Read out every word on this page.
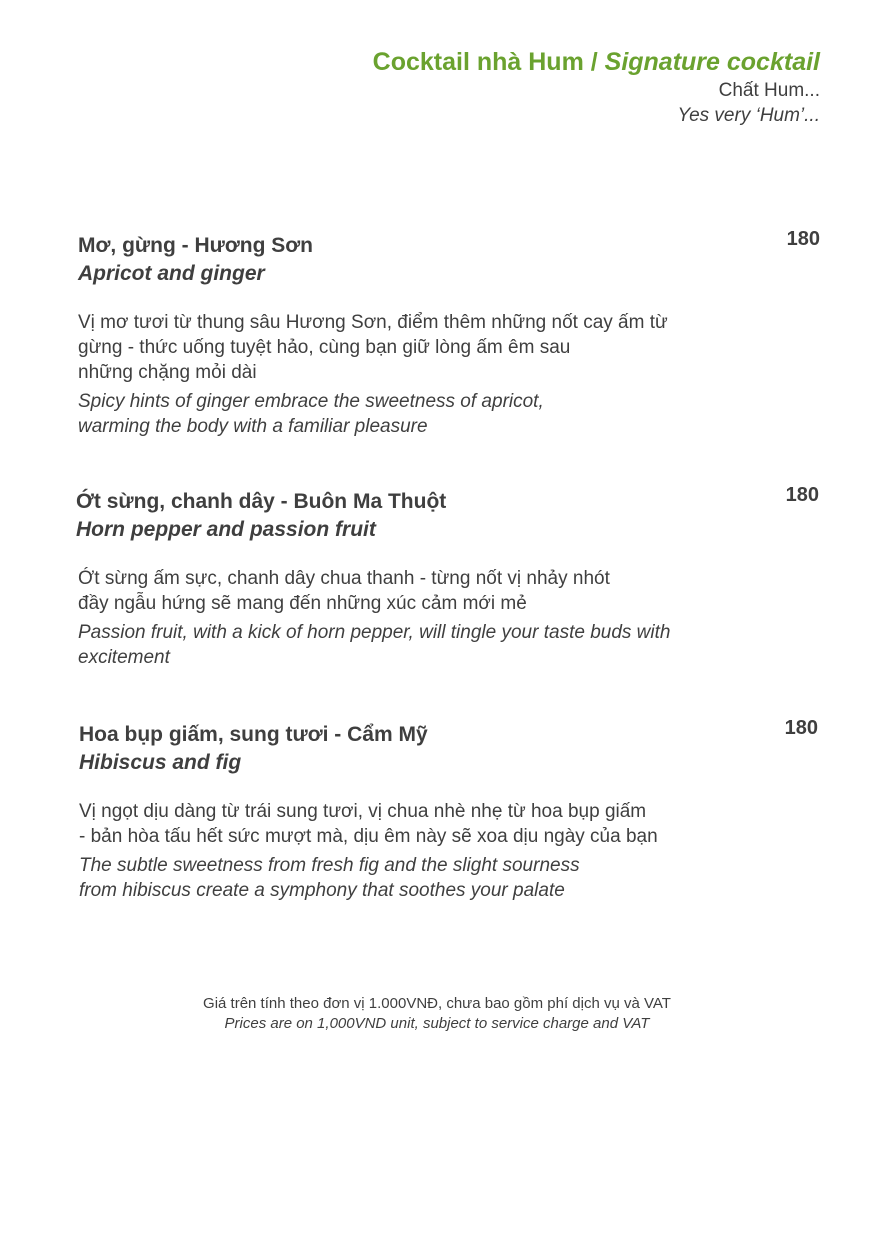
Cocktail nhà Hum / Signature cocktail
Chất Hum...
Yes very ‘Hum’...
180
Mơ, gừng - Hương Sơn
Apricot and ginger
Vị mơ tươi từ thung sâu Hương Sơn, điểm thêm những nốt cay ấm từ
gừng - thức uống tuyệt hảo, cùng bạn giữ lòng ấm êm sau
những chặng mỏi dài
Spicy hints of ginger embrace the sweetness of apricot,
warming the body with a familiar pleasure
180
Ớt sừng, chanh dây - Buôn Ma Thuột
Horn pepper and passion fruit
Ớt sừng ấm sực, chanh dây chua thanh - từng nốt vị nhảy nhót
đầy ngẫu hứng sẽ mang đến những xúc cảm mới mẻ
Passion fruit, with a kick of horn pepper, will tingle your taste buds with
excitement
180
Hoa bụp giấm, sung tươi - Cẩm Mỹ
Hibiscus and fig
Vị ngọt dịu dàng từ trái sung tươi, vị chua nhè nhẹ từ hoa bụp giấm
- bản hòa tấu hết sức mượt mà, dịu êm này sẽ xoa dịu ngày của bạn
The subtle sweetness from fresh fig and the slight sourness
from hibiscus create a symphony that soothes your palate
Giá trên tính theo đơn vị 1.000VNĐ, chưa bao gồm phí dịch vụ và VAT
Prices are on 1,000VND unit, subject to service charge and VAT
